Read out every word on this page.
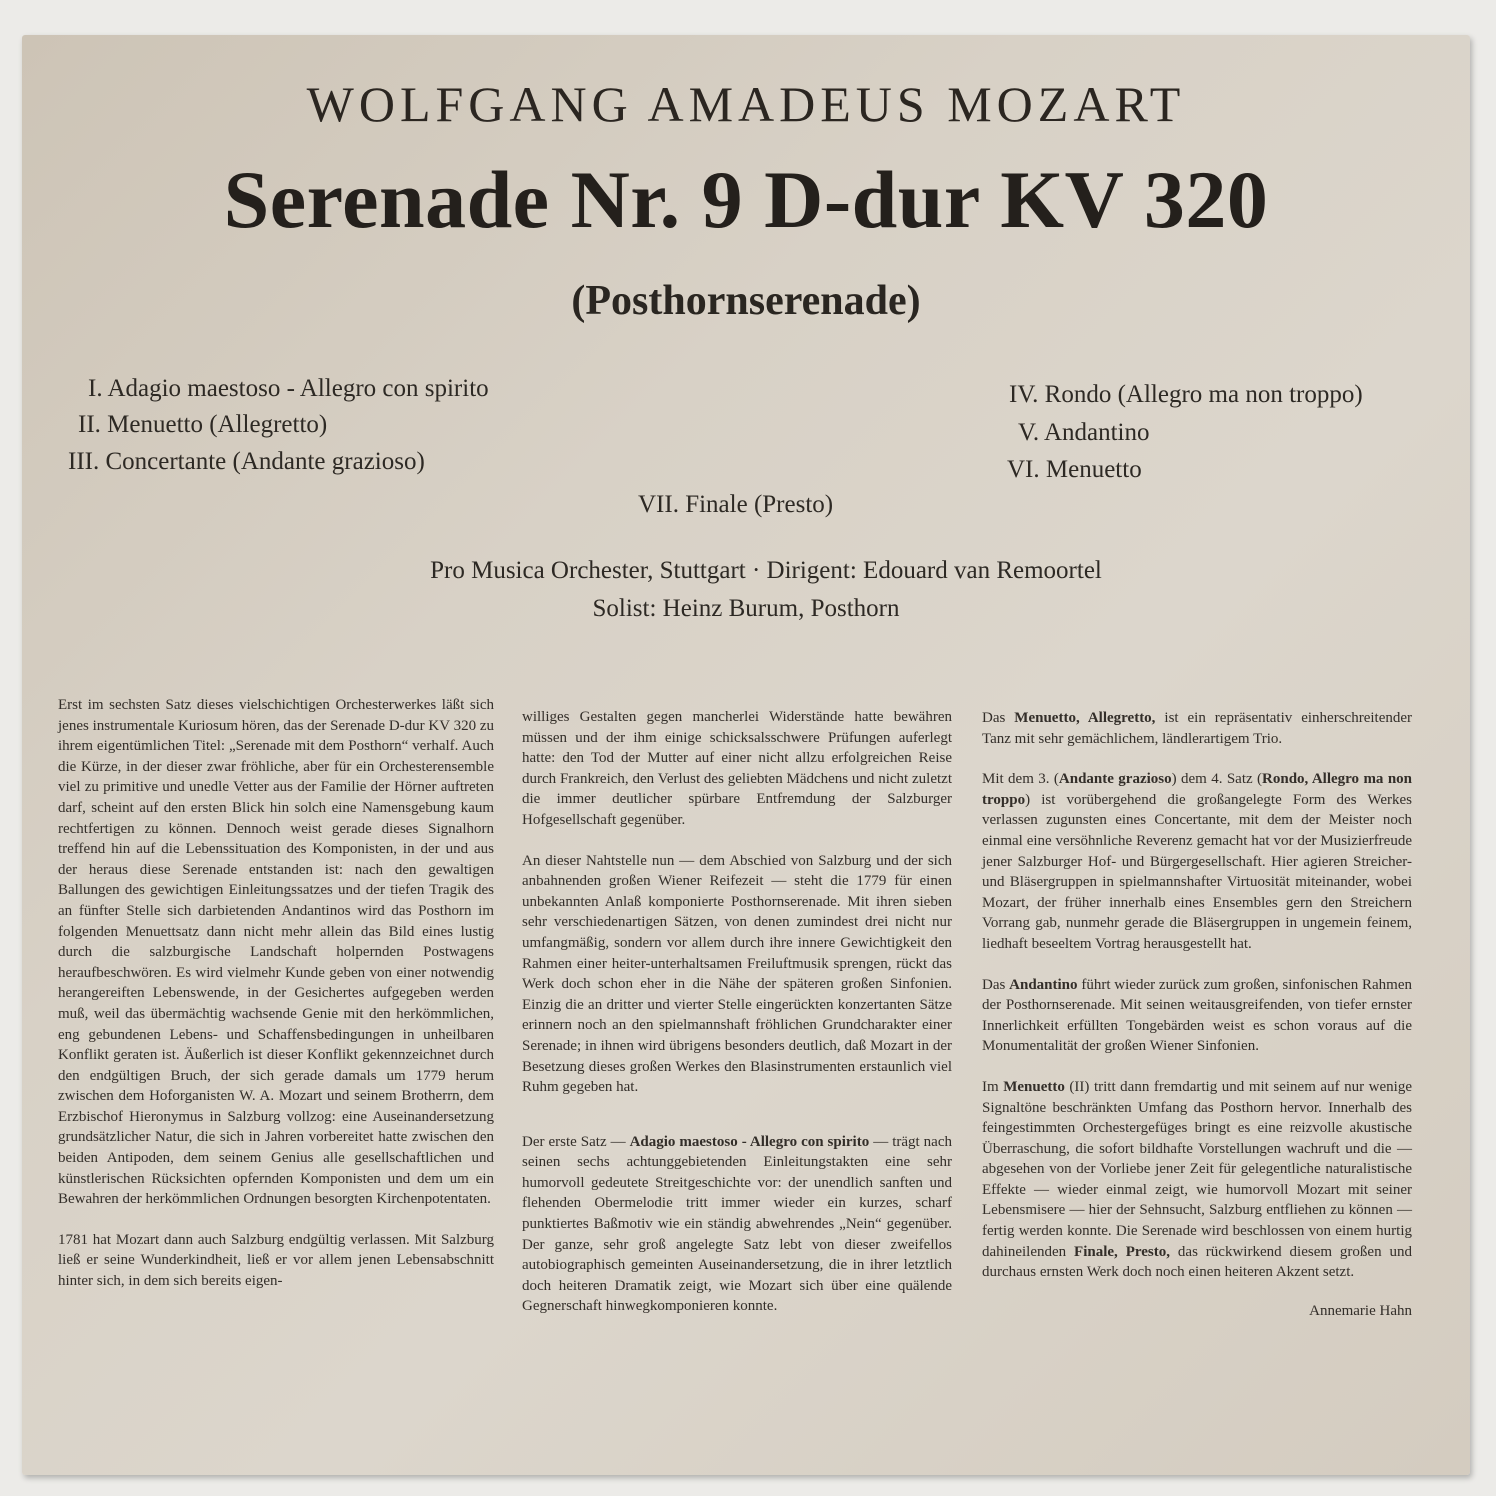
WOLFGANG AMADEUS MOZART
Serenade Nr. 9 D-dur KV 320
(Posthornserenade)
I. Adagio maestoso - Allegro con spirito
II. Menuetto (Allegretto)
III. Concertante (Andante grazioso)
IV. Rondo (Allegro ma non troppo)
V. Andantino
VI. Menuetto
VII. Finale (Presto)
Pro Musica Orchester, Stuttgart · Dirigent: Edouard van Remoortel
Solist: Heinz Burum, Posthorn

Erst im sechsten Satz dieses vielschichtigen Orchesterwerkes läßt sich jenes instrumentale Kuriosum hören, das der Serenade D-dur KV 320 zu ihrem eigentümlichen Titel: „Serenade mit dem Posthorn“ verhalf. Auch die Kürze, in der dieser zwar fröhliche, aber für ein Orchesterensemble viel zu primitive und unedle Vetter aus der Familie der Hörner auftreten darf, scheint auf den ersten Blick hin solch eine Namensgebung kaum rechtfertigen zu können. Dennoch weist gerade dieses Signalhorn treffend hin auf die Lebenssituation des Komponisten, in der und aus der heraus diese Serenade entstanden ist: nach den gewaltigen Ballungen des gewichtigen Einleitungssatzes und der tiefen Tragik des an fünfter Stelle sich darbietenden Andantinos wird das Posthorn im folgenden Menuettsatz dann nicht mehr allein das Bild eines lustig durch die salzburgische Landschaft holpernden Postwagens heraufbeschwören. Es wird vielmehr Kunde geben von einer notwendig herangereiften Lebenswende, in der Gesichertes aufgegeben werden muß, weil das übermächtig wachsende Genie mit den herkömmlichen, eng gebundenen Lebens- und Schaffensbedingungen in unheilbaren Konflikt geraten ist. Äußerlich ist dieser Konflikt gekennzeichnet durch den endgültigen Bruch, der sich gerade damals um 1779 herum zwischen dem Hoforganisten W. A. Mozart und seinem Brotherrn, dem Erzbischof Hieronymus in Salzburg vollzog: eine Auseinandersetzung grundsätzlicher Natur, die sich in Jahren vorbereitet hatte zwischen den beiden Antipoden, dem seinem Genius alle gesellschaftlichen und künstlerischen Rücksichten opfernden Komponisten und dem um ein Bewahren der herkömmlichen Ordnungen besorgten Kirchenpotentaten.

1781 hat Mozart dann auch Salzburg endgültig verlassen. Mit Salzburg ließ er seine Wunderkindheit, ließ er vor allem jenen Lebensabschnitt hinter sich, in dem sich bereits eigen-

williges Gestalten gegen mancherlei Widerstände hatte bewähren müssen und der ihm einige schicksalsschwere Prüfungen auferlegt hatte: den Tod der Mutter auf einer nicht allzu erfolgreichen Reise durch Frankreich, den Verlust des geliebten Mädchens und nicht zuletzt die immer deutlicher spürbare Entfremdung der Salzburger Hofgesellschaft gegenüber.

An dieser Nahtstelle nun — dem Abschied von Salzburg und der sich anbahnenden großen Wiener Reifezeit — steht die 1779 für einen unbekannten Anlaß komponierte Posthornserenade. Mit ihren sieben sehr verschiedenartigen Sätzen, von denen zumindest drei nicht nur umfangmäßig, sondern vor allem durch ihre innere Gewichtigkeit den Rahmen einer heiter-unterhaltsamen Freiluftmusik sprengen, rückt das Werk doch schon eher in die Nähe der späteren großen Sinfonien. Einzig die an dritter und vierter Stelle eingerückten konzertanten Sätze erinnern noch an den spielmannshaft fröhlichen Grundcharakter einer Serenade; in ihnen wird übrigens besonders deutlich, daß Mozart in der Besetzung dieses großen Werkes den Blasinstrumenten erstaunlich viel Ruhm gegeben hat.

Der erste Satz — Adagio maestoso - Allegro con spirito — trägt nach seinen sechs achtunggebietenden Einleitungstakten eine sehr humorvoll gedeutete Streitgeschichte vor: der unendlich sanften und flehenden Obermelodie tritt immer wieder ein kurzes, scharf punktiertes Baßmotiv wie ein ständig abwehrendes „Nein“ gegenüber. Der ganze, sehr groß angelegte Satz lebt von dieser zweifellos autobiographisch gemeinten Auseinandersetzung, die in ihrer letztlich doch heiteren Dramatik zeigt, wie Mozart sich über eine quälende Gegnerschaft hinwegkomponieren konnte.

Das Menuetto, Allegretto, ist ein repräsentativ einherschreitender Tanz mit sehr gemächlichem, ländlerartigem Trio.

Mit dem 3. (Andante grazioso) dem 4. Satz (Rondo, Allegro ma non troppo) ist vorübergehend die großangelegte Form des Werkes verlassen zugunsten eines Concertante, mit dem der Meister noch einmal eine versöhnliche Reverenz gemacht hat vor der Musizierfreude jener Salzburger Hof- und Bürgergesellschaft. Hier agieren Streicher- und Bläsergruppen in spielmannshafter Virtuosität miteinander, wobei Mozart, der früher innerhalb eines Ensembles gern den Streichern Vorrang gab, nunmehr gerade die Bläsergruppen in ungemein feinem, liedhaft beseeltem Vortrag herausgestellt hat.

Das Andantino führt wieder zurück zum großen, sinfonischen Rahmen der Posthornserenade. Mit seinen weitausgreifenden, von tiefer ernster Innerlichkeit erfüllten Tongebärden weist es schon voraus auf die Monumentalität der großen Wiener Sinfonien.

Im Menuetto (II) tritt dann fremdartig und mit seinem auf nur wenige Signaltöne beschränkten Umfang das Posthorn hervor. Innerhalb des feingestimmten Orchestergefüges bringt es eine reizvolle akustische Überraschung, die sofort bildhafte Vorstellungen wachruft und die — abgesehen von der Vorliebe jener Zeit für gelegentliche naturalistische Effekte — wieder einmal zeigt, wie humorvoll Mozart mit seiner Lebensmisere — hier der Sehnsucht, Salzburg entfliehen zu können — fertig werden konnte. Die Serenade wird beschlossen von einem hurtig dahineilenden Finale, Presto, das rückwirkend diesem großen und durchaus ernsten Werk doch noch einen heiteren Akzent setzt.

Annemarie Hahn
